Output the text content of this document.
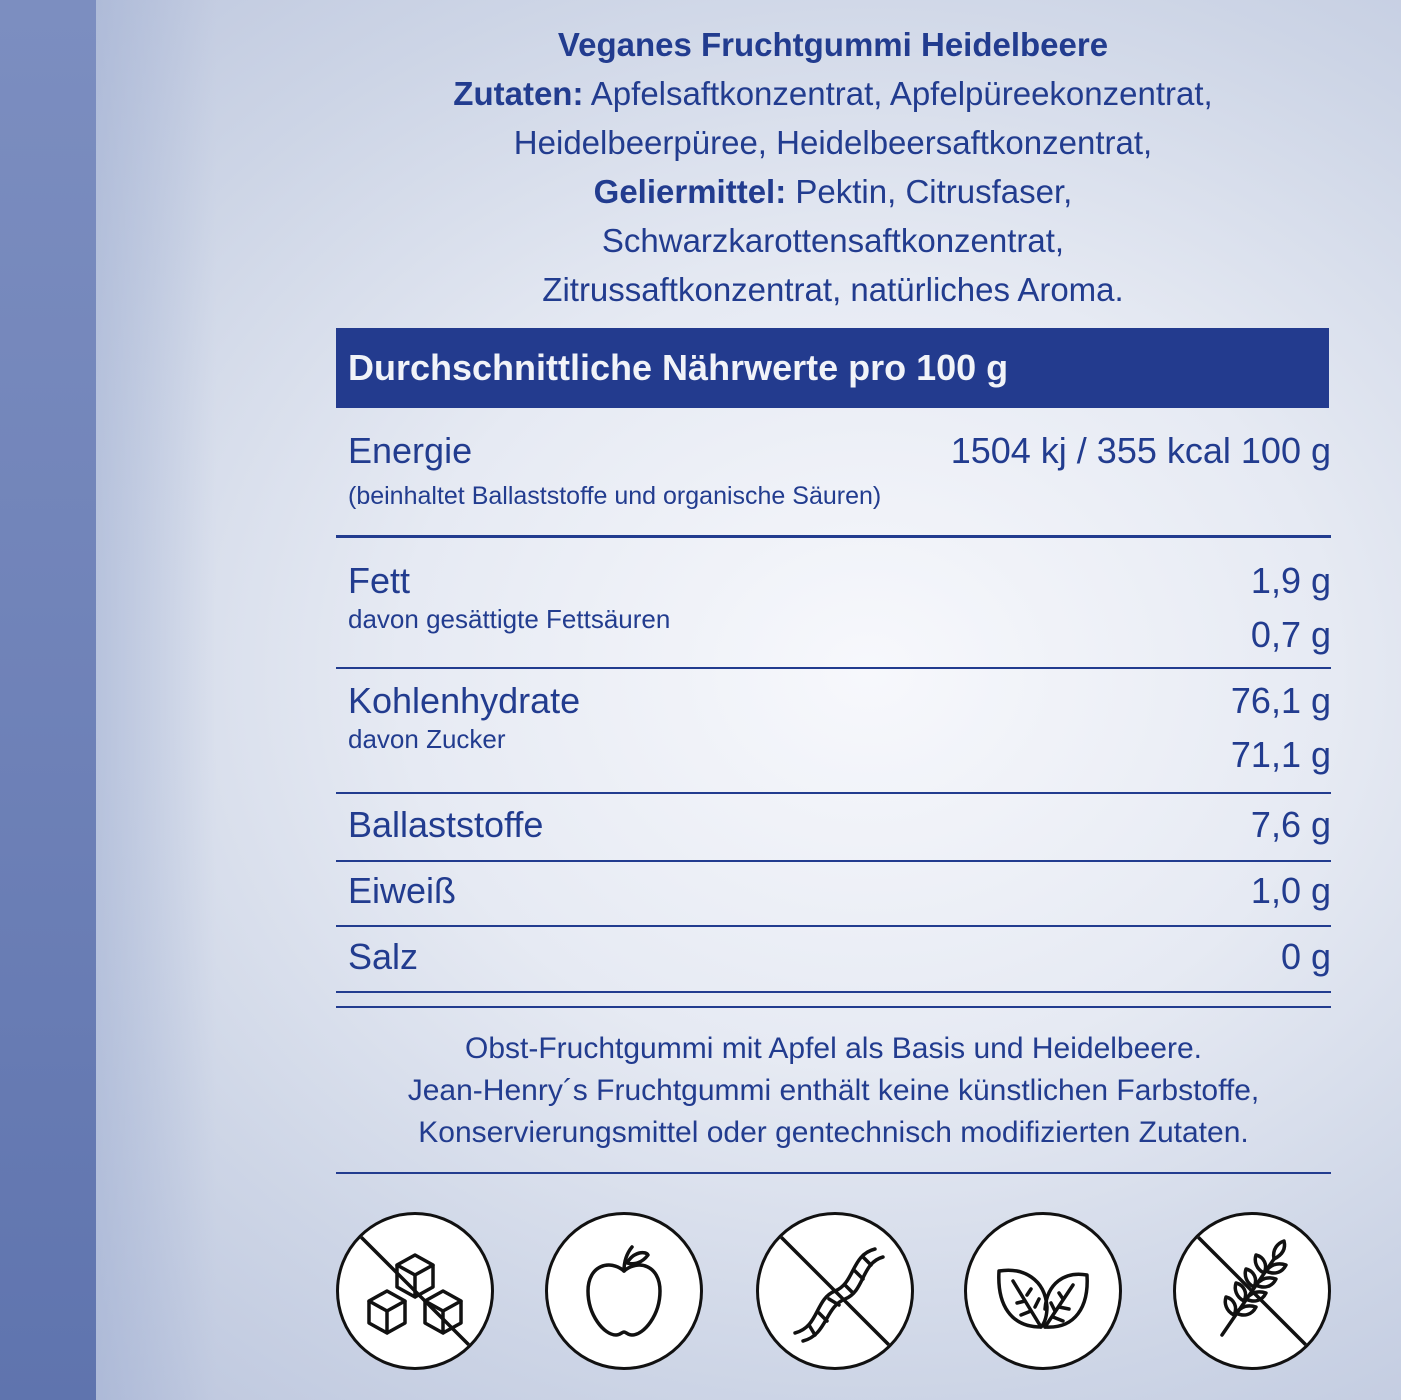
Veganes Fruchtgummi Heidelbeere
Zutaten: Apfelsaftkonzentrat, Apfelpüreekonzentrat,
Heidelbeerpüree, Heidelbeersaftkonzentrat,
Geliermittel: Pektin, Citrusfaser,
Schwarzkarottensaftkonzentrat,
Zitrussaftkonzentrat, natürliches Aroma.
Durchschnittliche Nährwerte pro 100 g
Energie	1504 kj / 355 kcal 100 g
(beinhaltet Ballaststoffe und organische Säuren)
Fett	1,9 g
davon gesättigte Fettsäuren	0,7 g
Kohlenhydrate	76,1 g
davon Zucker	71,1 g
Ballaststoffe	7,6 g
Eiweiß	1,0 g
Salz	0 g
Obst-Fruchtgummi mit Apfel als Basis und Heidelbeere.
Jean-Henry´s Fruchtgummi enthält keine künstlichen Farbstoffe,
Konservierungsmittel oder gentechnisch modifizierten Zutaten.
